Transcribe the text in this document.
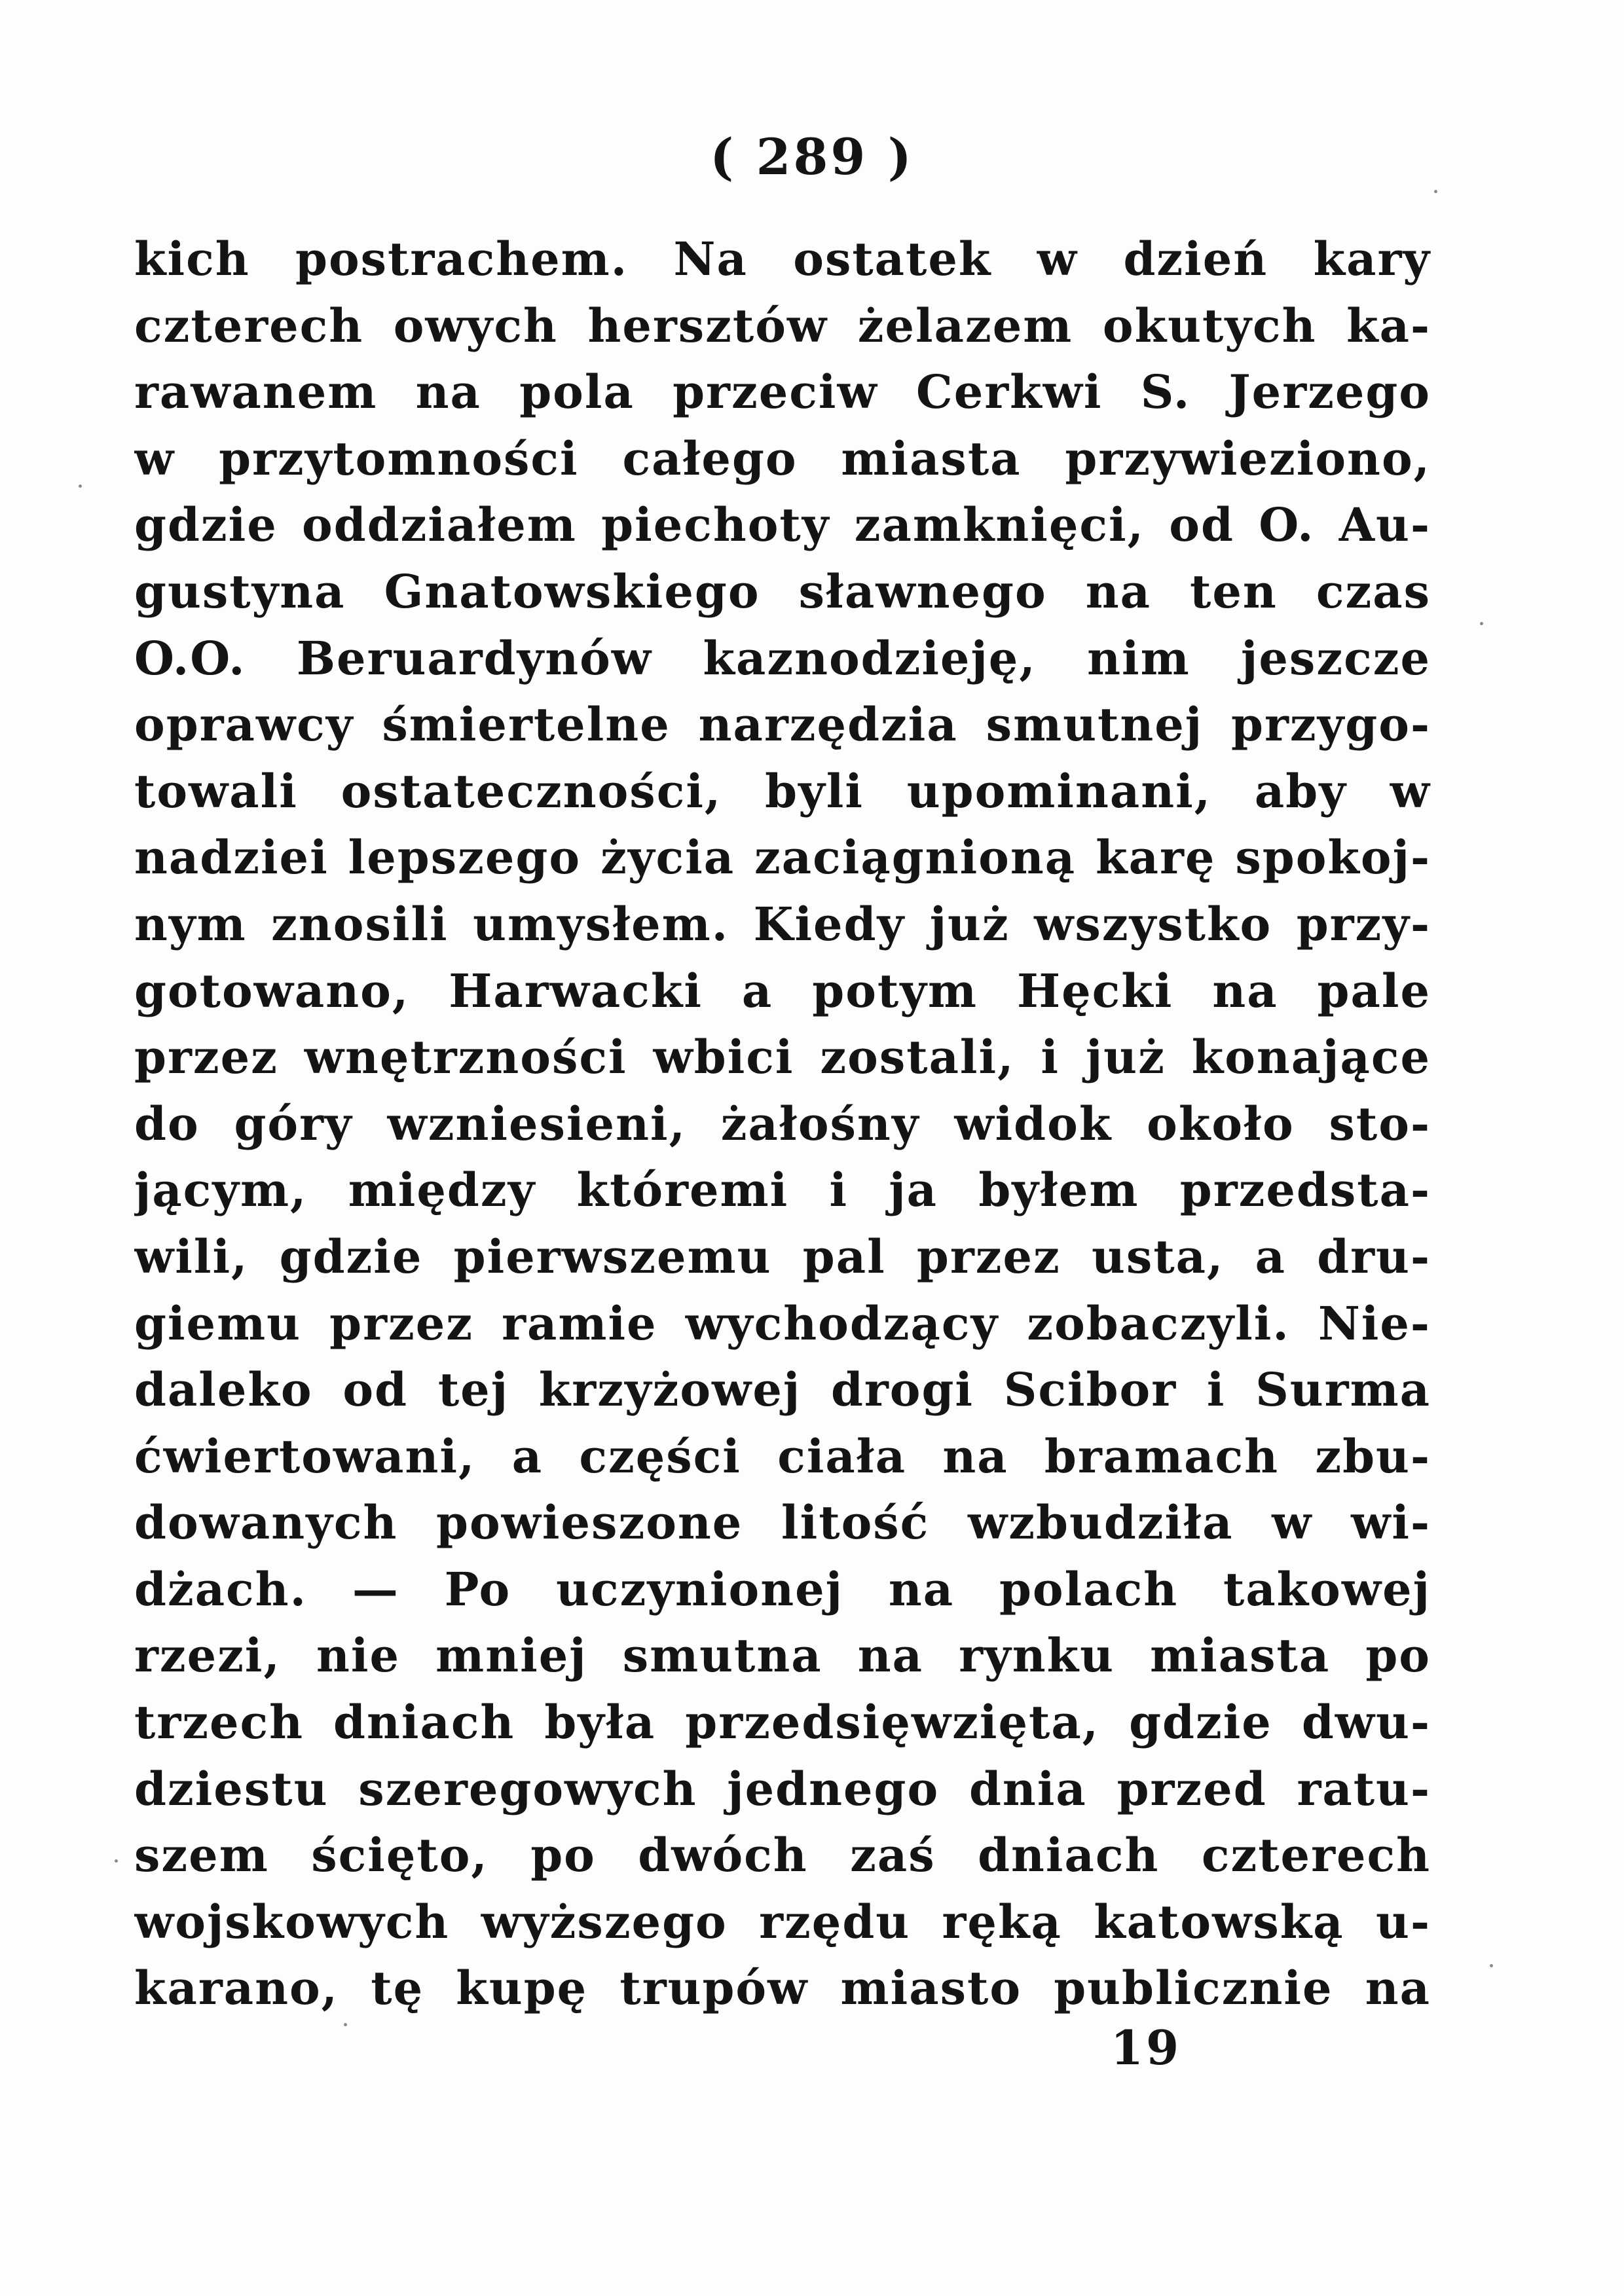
( 289 )
kich postrachem. Na ostatek w dzień kary
czterech owych hersztów żelazem okutych ka-
rawanem na pola przeciw Cerkwi S. Jerzego
w przytomności całego miasta przywieziono,
gdzie oddziałem piechoty zamknięci, od O. Au-
gustyna Gnatowskiego sławnego na ten czas
O.O. Beruardynów kaznodzieję, nim jeszcze
oprawcy śmiertelne narzędzia smutnej przygo-
towali ostateczności, byli upominani, aby w
nadziei lepszego życia zaciągnioną karę spokoj-
nym znosili umysłem. Kiedy już wszystko przy-
gotowano, Harwacki a potym Hęcki na pale
przez wnętrzności wbici zostali, i już konające
do góry wzniesieni, żałośny widok około sto-
jącym, między któremi i ja byłem przedsta-
wili, gdzie pierwszemu pal przez usta, a dru-
giemu przez ramie wychodzący zobaczyli. Nie-
daleko od tej krzyżowej drogi Scibor i Surma
ćwiertowani, a części ciała na bramach zbu-
dowanych powieszone litość wzbudziła w wi-
dżach. — Po uczynionej na polach takowej
rzezi, nie mniej smutna na rynku miasta po
trzech dniach była przedsięwzięta, gdzie dwu-
dziestu szeregowych jednego dnia przed ratu-
szem ścięto, po dwóch zaś dniach czterech
wojskowych wyższego rzędu ręką katowską u-
karano, tę kupę trupów miasto publicznie na
19
